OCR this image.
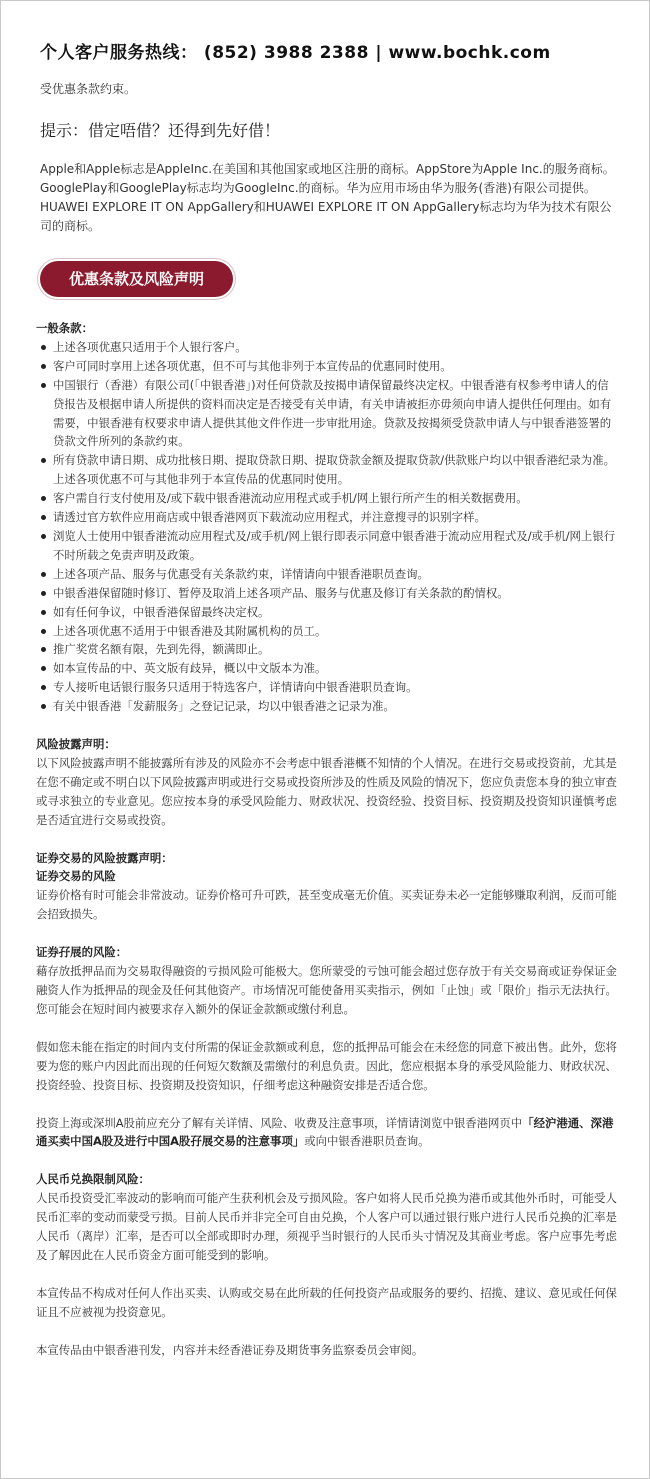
个人客户服务热线： (852) 3988 2388 | www.bochk.com
受优惠条款约束。
提示：借定唔借？还得到先好借！
Apple和Apple标志是AppleInc.在美国和其他国家或地区注册的商标。AppStore为Apple Inc.的服务商标。GooglePlay和GooglePlay标志均为GoogleInc.的商标。华为应用市场由华为服务(香港)有限公司提供。HUAWEI EXPLORE IT ON AppGallery和HUAWEI EXPLORE IT ON AppGallery标志均为华为技术有限公司的商标。
优惠条款及风险声明
一般条款：
上述各项优惠只适用于个人银行客户。
客户可同时享用上述各项优惠，但不可与其他非列于本宣传品的优惠同时使用。
中国银行（香港）有限公司(「中银香港」)对任何贷款及按揭申请保留最终决定权。中银香港有权参考申请人的信贷报告及根据申请人所提供的资料而决定是否接受有关申请，有关申请被拒亦毋须向申请人提供任何理由。如有需要，中银香港有权要求申请人提供其他文件作进一步审批用途。贷款及按揭须受贷款申请人与中银香港签署的贷款文件所列的条款约束。
所有贷款申请日期、成功批核日期、提取贷款日期、提取贷款金额及提取贷款/供款账户均以中银香港纪录为准。上述各项优惠不可与其他非列于本宣传品的优惠同时使用。
客户需自行支付使用及/或下载中银香港流动应用程式或手机/网上银行所产生的相关数据费用。
请透过官方软件应用商店或中银香港网页下载流动应用程式，并注意搜寻的识别字样。
浏览人士使用中银香港流动应用程式及/或手机/网上银行即表示同意中银香港于流动应用程式及/或手机/网上银行不时所载之免责声明及政策。
上述各项产品、服务与优惠受有关条款约束，详情请向中银香港职员查询。
中银香港保留随时修订、暂停及取消上述各项产品、服务与优惠及修订有关条款的酌情权。
如有任何争议，中银香港保留最终决定权。
上述各项优惠不适用于中银香港及其附属机构的员工。
推广奖赏名额有限，先到先得，额满即止。
如本宣传品的中、英文版有歧异，概以中文版本为准。
专人接听电话银行服务只适用于特选客户，详情请向中银香港职员查询。
有关中银香港「发薪服务」之登记记录，均以中银香港之记录为准。
风险披露声明：

以下风险披露声明不能披露所有涉及的风险亦不会考虑中银香港概不知情的个人情况。在进行交易或投资前，尤其是在您不确定或不明白以下风险披露声明或进行交易或投资所涉及的性质及风险的情况下，您应负责您本身的独立审查或寻求独立的专业意见。您应按本身的承受风险能力、财政状况、投资经验、投资目标、投资期及投资知识谨慎考虑是否适宜进行交易或投资。

证券交易的风险披露声明：
证券交易的风险

证券价格有时可能会非常波动。证券价格可升可跌，甚至变成毫无价值。买卖证券未必一定能够赚取利润，反而可能会招致损失。

证券孖展的风险：

藉存放抵押品而为交易取得融资的亏损风险可能极大。您所蒙受的亏蚀可能会超过您存放于有关交易商或证券保证金融资人作为抵押品的现金及任何其他资产。市场情况可能使备用买卖指示，例如「止蚀」或「限价」指示无法执行。您可能会在短时间内被要求存入额外的保证金款额或缴付利息。

假如您未能在指定的时间内支付所需的保证金款额或利息，您的抵押品可能会在未经您的同意下被出售。此外，您将要为您的账户内因此而出现的任何短欠数额及需缴付的利息负责。因此，您应根据本身的承受风险能力、财政状况、投资经验、投资目标、投资期及投资知识，仔细考虑这种融资安排是否适合您。

投资上海或深圳A股前应充分了解有关详情、风险、收费及注意事项，详情请浏览中银香港网页中「经沪港通、深港通买卖中国A股及进行中国A股孖展交易的注意事项」或向中银香港职员查询。

人民币兑换限制风险：

人民币投资受汇率波动的影响而可能产生获利机会及亏损风险。客户如将人民币兑换为港币或其他外币时，可能受人民币汇率的变动而蒙受亏损。目前人民币并非完全可自由兑换，个人客户可以通过银行账户进行人民币兑换的汇率是人民币（离岸）汇率，是否可以全部或即时办理，须视乎当时银行的人民币头寸情况及其商业考虑。客户应事先考虑及了解因此在人民币资金方面可能受到的影响。

本宣传品不构成对任何人作出买卖、认购或交易在此所载的任何投资产品或服务的要约、招揽、建议、意见或任何保证且不应被视为投资意见。

本宣传品由中银香港刊发，内容并未经香港证券及期货事务监察委员会审阅。
